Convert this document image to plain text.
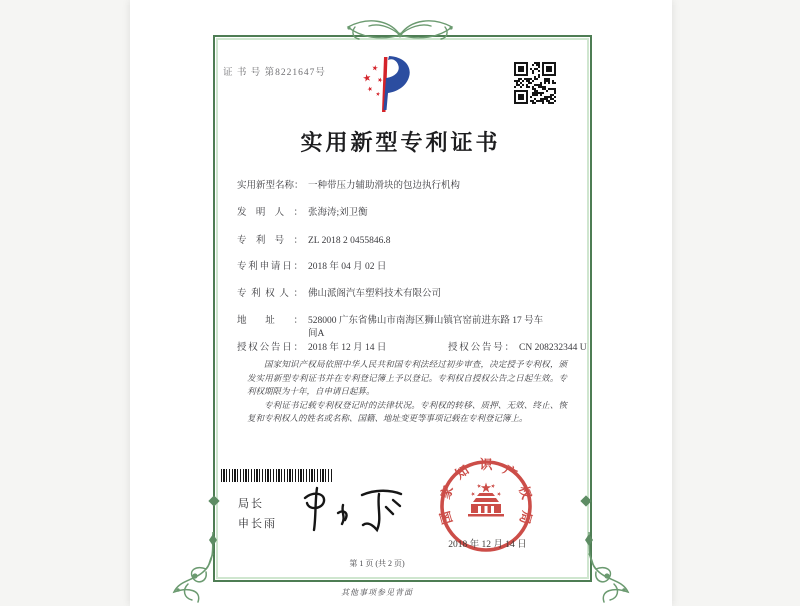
证 书 号 第8221647号
实用新型专利证书
实用新型名称： 一种带压力辅助滑块的包边执行机构
发明人： 张海涛;刘卫衡
专利号： ZL 2018 2 0455846.8
专利申请日： 2018 年 04 月 02 日
专利权人： 佛山派阁汽车塑料技术有限公司
地址： 528000 广东省佛山市南海区狮山镇官窑前进东路 17 号车间A
授权公告日： 2018 年 12 月 14 日	授权公告号： CN 208232344 U

国家知识产权局依照中华人民共和国专利法经过初步审查，决定授予专利权，颁发实用新型专利证书并在专利登记簿上予以登记。专利权自授权公告之日起生效。专利权期限为十年，自申请日起算。

专利证书记载专利权登记时的法律状况。专利权的转移、质押、无效、终止、恢复和专利权人的姓名或名称、国籍、地址变更等事项记载在专利登记簿上。

局长
申长雨	国家知识产权局
2018 年 12 月 14 日
第 1 页 (共 2 页)
其他事项参见背面
